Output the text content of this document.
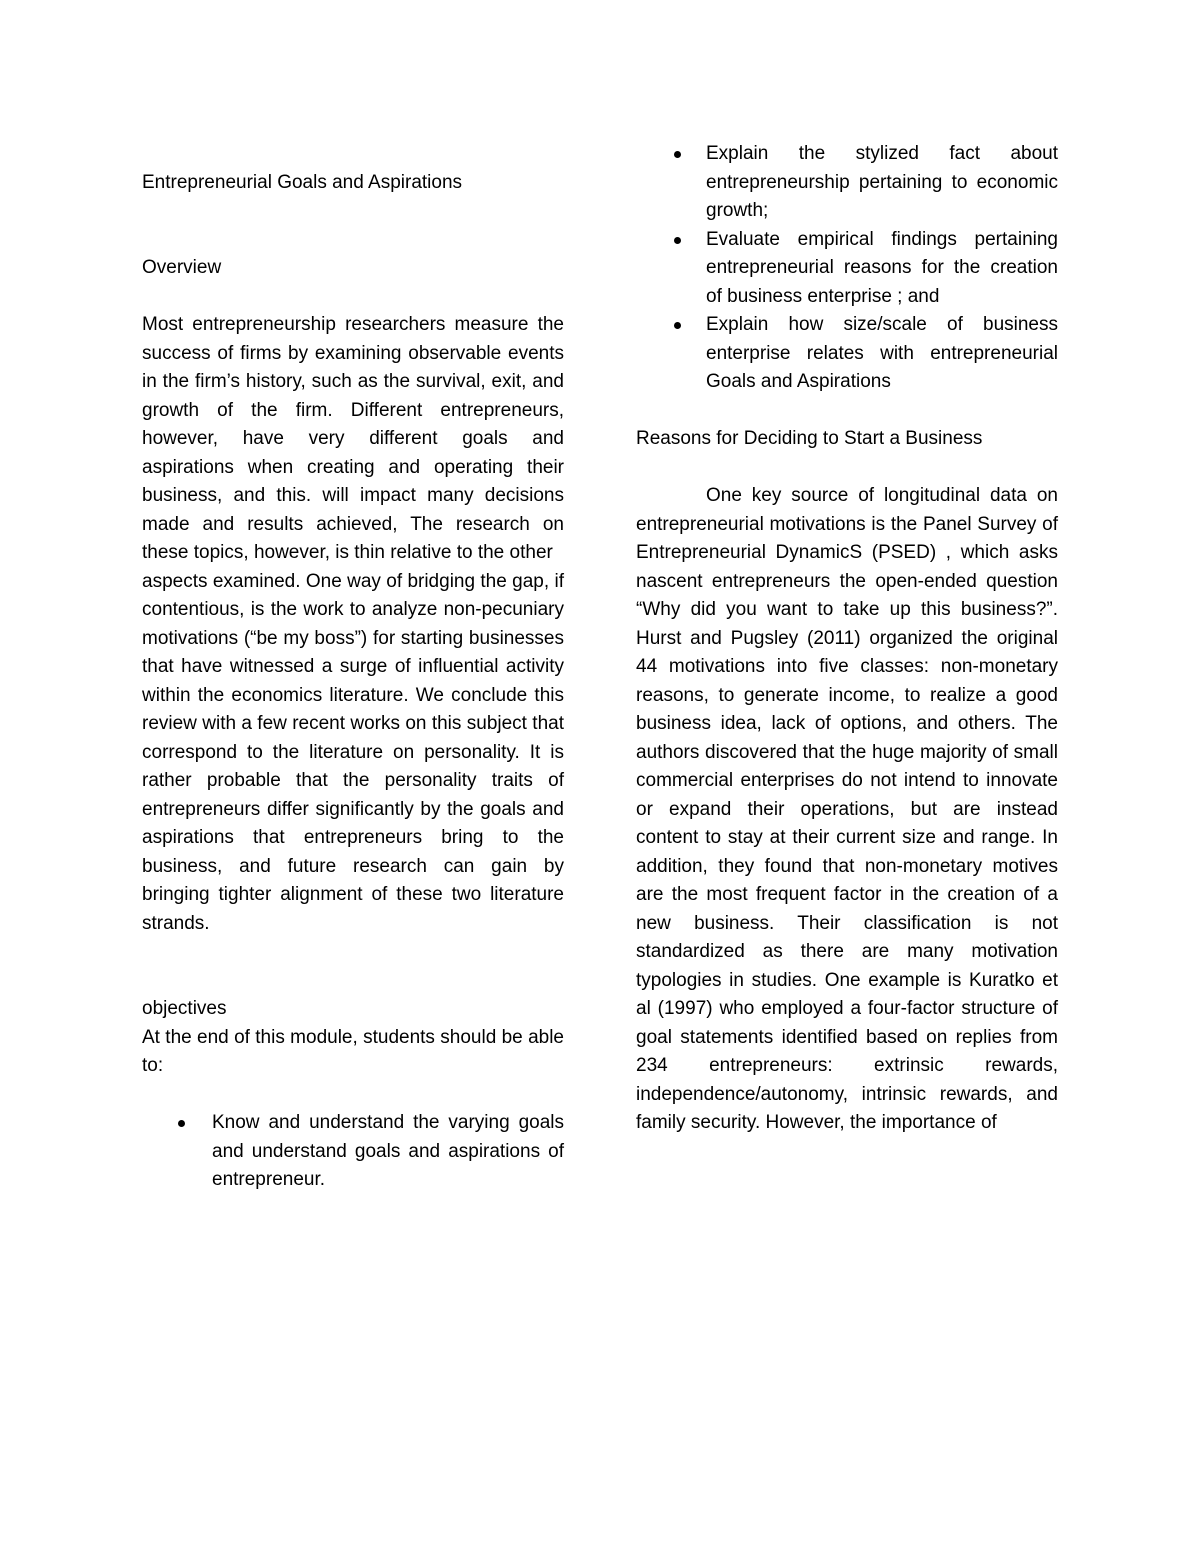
Entrepreneurial Goals and Aspirations
Overview

Most entrepreneurship researchers measure the success of firms by examining observable events in the firm’s history, such as the survival, exit, and growth of the firm. Different entrepreneurs, however, have very different goals and aspirations when creating and operating their business, and this. will impact many decisions made and results achieved, The research on these topics, however, is thin relative to the other

aspects examined. One way of bridging the gap, if contentious, is the work to analyze non-pecuniary motivations (“be my boss”) for starting businesses that have witnessed a surge of influential activity within the economics literature. We conclude this review with a few recent works on this subject that correspond to the literature on personality. It is rather probable that the personality traits of entrepreneurs differ significantly by the goals and aspirations that entrepreneurs bring to the business, and future research can gain by bringing tighter alignment of these two literature strands.

objectives

At the end of this module, students should be able to:

Know and understand the varying goals and understand goals and aspirations of entrepreneur.
Explain the stylized fact about entrepreneurship pertaining to economic growth;
Evaluate empirical findings pertaining entrepreneurial reasons for the creation of business enterprise ; and
Explain how size/scale of business enterprise relates with entrepreneurial Goals and Aspirations
Reasons for Deciding to Start a Business

One key source of longitudinal data on entrepreneurial motivations is the Panel Survey of Entrepreneurial DynamicS (PSED) , which asks nascent entrepreneurs the open-ended question “Why did you want to take up this business?”. Hurst and Pugsley (2011) organized the original 44 motivations into five classes: non-monetary reasons, to generate income, to realize a good business idea, lack of options, and others. The authors discovered that the huge majority of small commercial enterprises do not intend to innovate or expand their operations, but are instead content to stay at their current size and range. In addition, they found that non-monetary motives are the most frequent factor in the creation of a new business. Their classification is not standardized as there are many motivation typologies in studies. One example is Kuratko et al (1997) who employed a four-factor structure of goal statements identified based on replies from 234 entrepreneurs: extrinsic rewards, independence/autonomy, intrinsic rewards, and family security. However, the importance of
